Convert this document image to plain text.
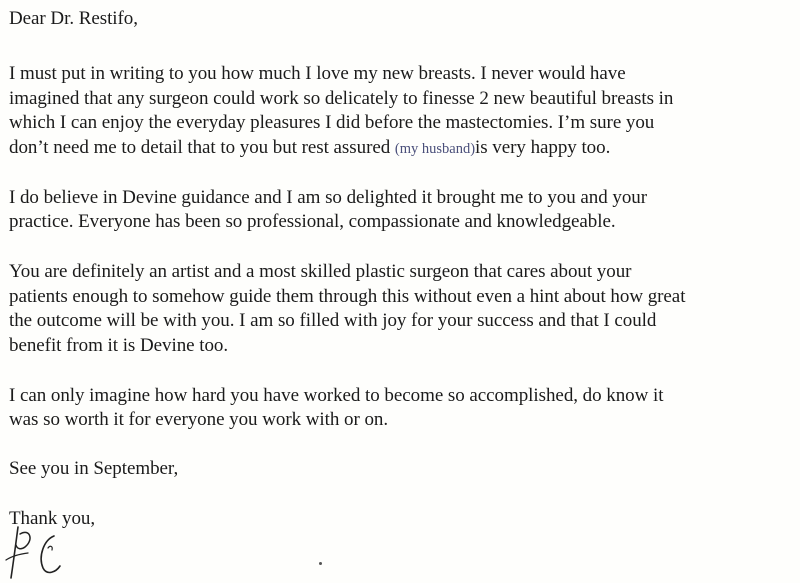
Dear Dr. Restifo,
I must put in writing to you how much I love my new breasts. I never would have
imagined that any surgeon could work so delicately to finesse 2 new beautiful breasts in
which I can enjoy the everyday pleasures I did before the mastectomies. I’m sure you
don’t need me to detail that to you but rest assured (my husband)is very happy too.
I do believe in Devine guidance and I am so delighted it brought me to you and your
practice. Everyone has been so professional, compassionate and knowledgeable.
You are definitely an artist and a most skilled plastic surgeon that cares about your
patients enough to somehow guide them through this without even a hint about how great
the outcome will be with you. I am so filled with joy for your success and that I could
benefit from it is Devine too.
I can only imagine how hard you have worked to become so accomplished, do know it
was so worth it for everyone you work with or on.
See you in September,
Thank you,
